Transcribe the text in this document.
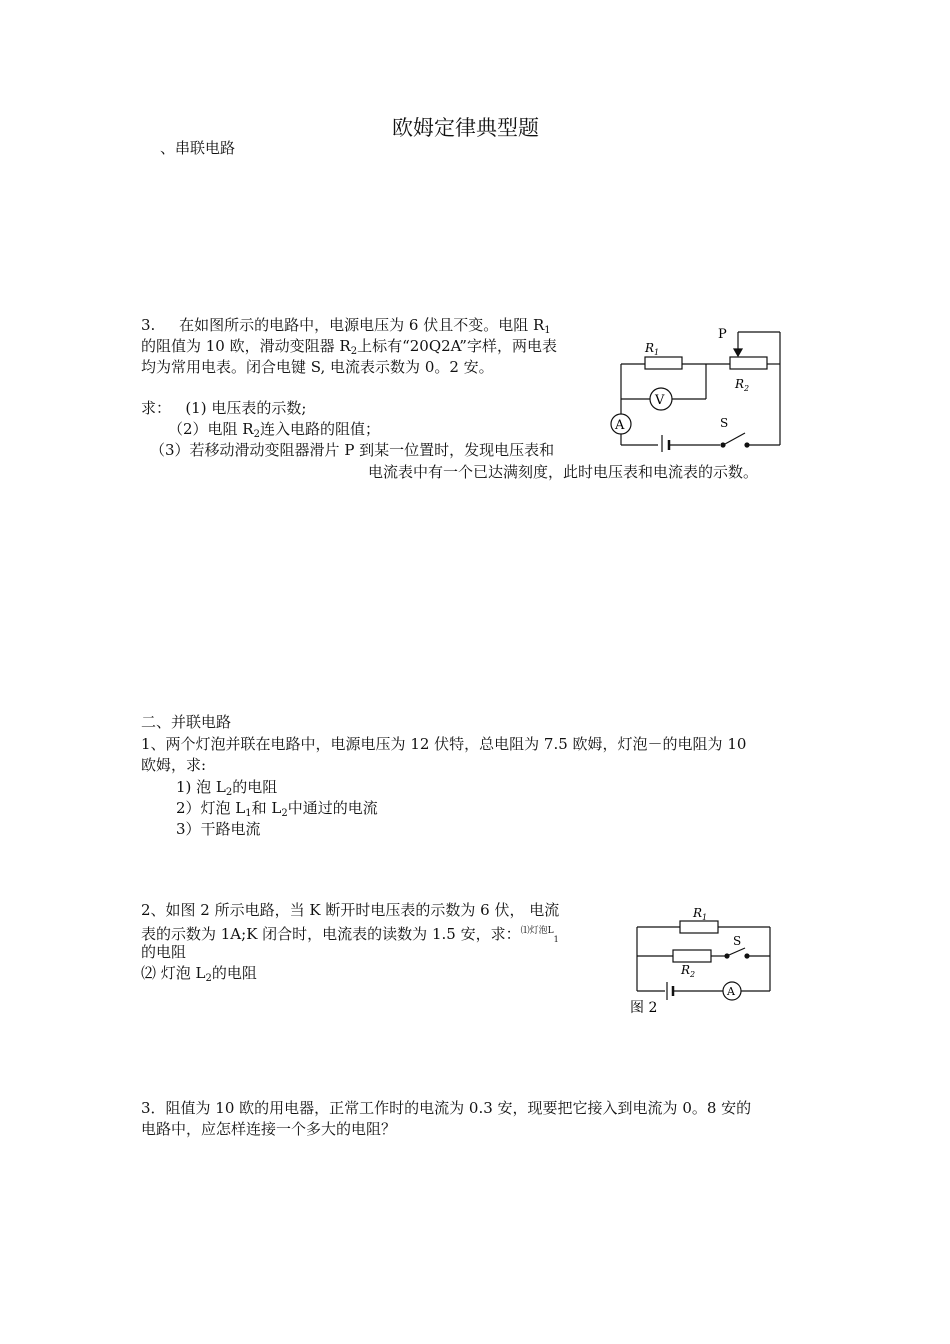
欧姆定律典型题
、串联电路
3.     在如图所示的电路中，电源电压为 6 伏且不变。电阻 $R_1$
的阻值为 10 欧，滑动变阻器 $R_2$上标有“20Q2A”字样，两电表
均为常用电表。闭合电键 S, 电流表示数为 0。2 安。
求： (1) 电压表的示数;
（2）电阻 $R_2$连入电路的阻值；
（3）若移动滑动变阻器滑片 P 到某一位置时，发现电压表和
电流表中有一个已达满刻度，此时电压表和电流表的示数。
P
$R_1$
$R_2$
V
A	S
二、并联电路
1、两个灯泡并联在电路中，电源电压为 12 伏特，总电阻为 7.5 欧姆，灯泡－的电阻为 10
欧姆，求:
1) 泡 $L_2$的电阻
2）灯泡 $L_1$和 $L_2$中通过的电流
3）干路电流
2、如图 2 所示电路，当 K 断开时电压表的示数为 6 伏， 电流
表的示数为 1A;K 闭合时，电流表的读数为 1.5 安，求：$^{⑴灯泡L}_1$
的电阻
⑵ 灯泡 $L_2$的电阻
$R_1$
S
$R_2$
A
图 2
3．阻值为 10 欧的用电器，正常工作时的电流为 0.3 安，现要把它接入到电流为 0。8 安的
电路中，应怎样连接一个多大的电阻？
